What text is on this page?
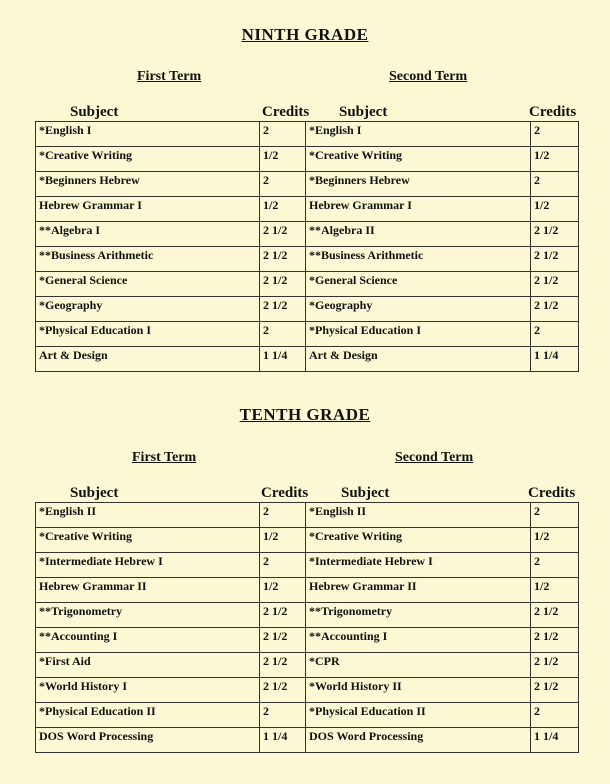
NINTH GRADE
First Term	Second Term
Subject	Credits Subject	Credits
*English I	2	*English I	2
*Creative Writing	1/2	*Creative Writing	1/2
*Beginners Hebrew	2	*Beginners Hebrew	2
Hebrew Grammar I	1/2	Hebrew Grammar I	1/2
**Algebra I	2 1/2	**Algebra II	2 1/2
**Business Arithmetic	2 1/2	**Business Arithmetic	2 1/2
*General Science	2 1/2	*General Science	2 1/2
*Geography	2 1/2	*Geography	2 1/2
*Physical Education I	2	*Physical Education I	2
Art & Design	1 1/4	Art & Design	1 1/4
TENTH GRADE
First Term	Second Term
Subject	Credits Subject	Credits
*English II	2	*English II	2
*Creative Writing	1/2	*Creative Writing	1/2
*Intermediate Hebrew I	2	*Intermediate Hebrew I	2
Hebrew Grammar II	1/2	Hebrew Grammar II	1/2
**Trigonometry	2 1/2	**Trigonometry	2 1/2
**Accounting I	2 1/2	**Accounting I	2 1/2
*First Aid	2 1/2	*CPR	2 1/2
*World History I	2 1/2	*World History II	2 1/2
*Physical Education II	2	*Physical Education II	2
DOS Word Processing	1 1/4	DOS Word Processing	1 1/4
